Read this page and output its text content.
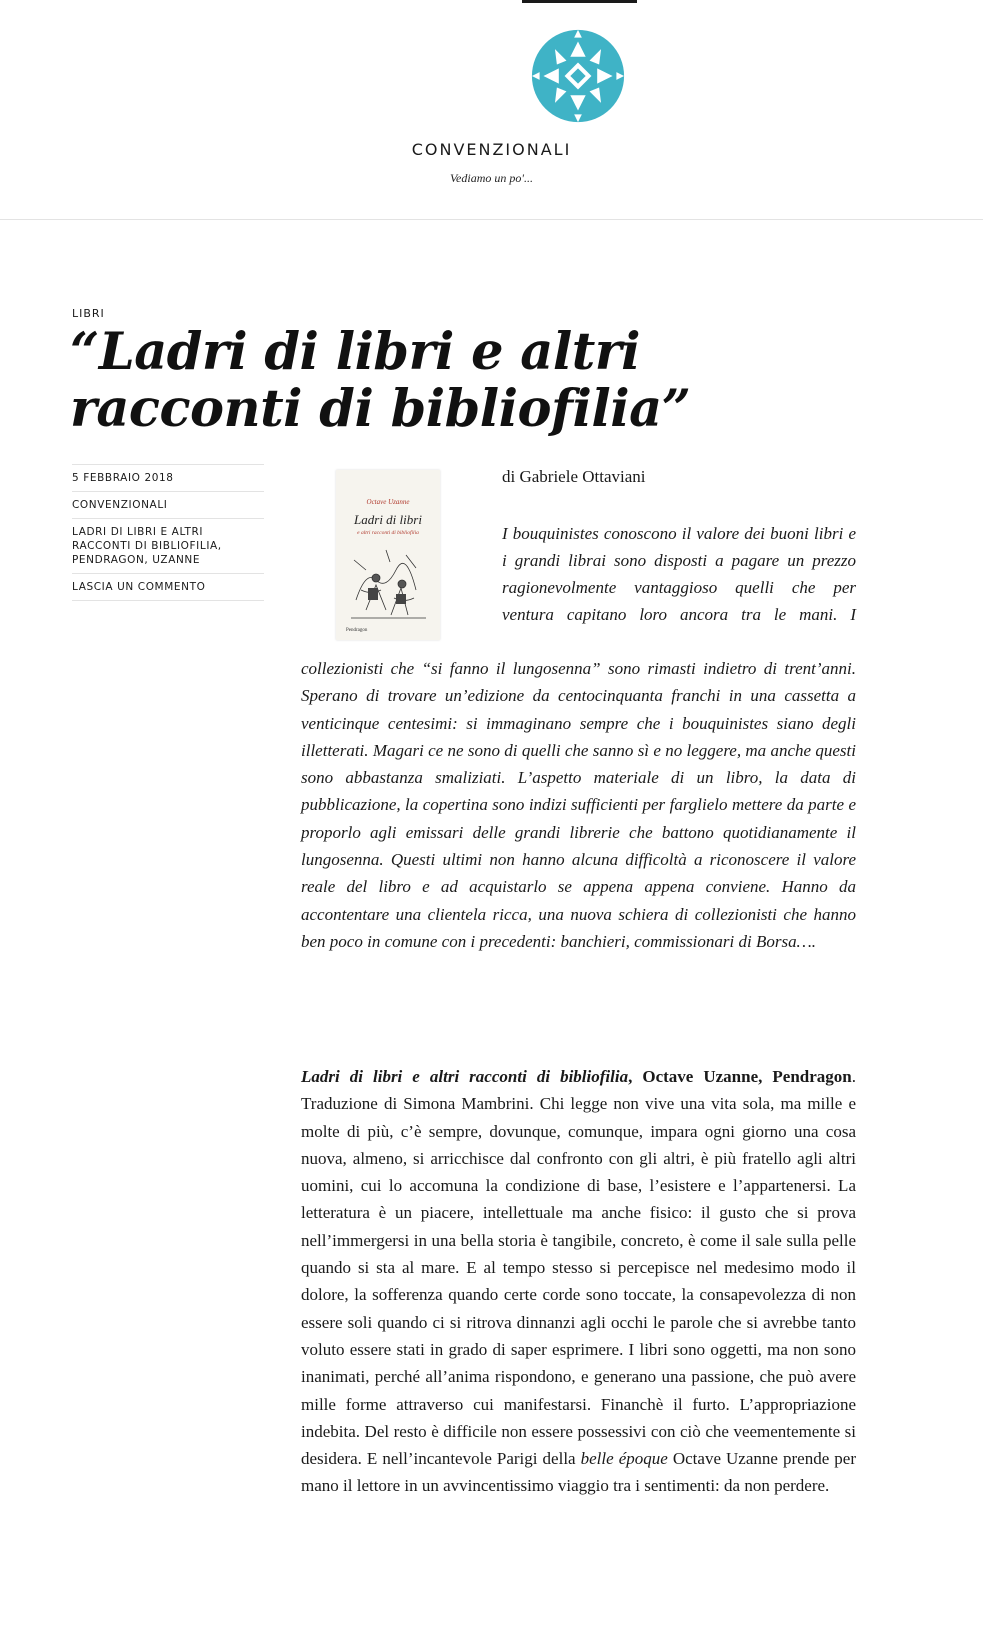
CONVENZIONALI
Vediamo un po'...
LIBRI
“Ladri di libri e altri racconti di bibliofilia”
5 FEBBRAIO 2018
CONVENZIONALI
LADRI DI LIBRI E ALTRI RACCONTI DI BIBLIOFILIA, PENDRAGON, UZANNE
LASCIA UN COMMENTO
Octave Uzanne
Ladri di libri
e altri racconti di bibliofilia
Pendragon
di Gabriele Ottaviani

I bouquinistes conoscono il valore dei buoni libri e i grandi librai sono disposti a pagare un prezzo ragionevolmente vantaggioso quelli che per ventura capitano loro ancora tra le mani. I

collezionisti che “si fanno il lungosenna” sono rimasti indietro di trent’anni. Sperano di trovare un’edizione da centocinquanta franchi in una cassetta a venticinque centesimi: si immaginano sempre che i bouquinistes siano degli illetterati. Magari ce ne sono di quelli che sanno sì e no leggere, ma anche questi sono abbastanza smaliziati. L’aspetto materiale di un libro, la data di pubblicazione, la copertina sono indizi sufficienti per farglielo mettere da parte e proporlo agli emissari delle grandi librerie che battono quotidianamente il lungosenna. Questi ultimi non hanno alcuna difficoltà a riconoscere il valore reale del libro e ad acquistarlo se appena appena conviene. Hanno da accontentare una clientela ricca, una nuova schiera di collezionisti che hanno ben poco in comune con i precedenti: banchieri, commissionari di Borsa….

Ladri di libri e altri racconti di bibliofilia, Octave Uzanne, Pendragon. Traduzione di Simona Mambrini. Chi legge non vive una vita sola, ma mille e molte di più, c’è sempre, dovunque, comunque, impara ogni giorno una cosa nuova, almeno, si arricchisce dal confronto con gli altri, è più fratello agli altri uomini, cui lo accomuna la condizione di base, l’esistere e l’appartenersi. La letteratura è un piacere, intellettuale ma anche fisico: il gusto che si prova nell’immergersi in una bella storia è tangibile, concreto, è come il sale sulla pelle quando si sta al mare. E al tempo stesso si percepisce nel medesimo modo il dolore, la sofferenza quando certe corde sono toccate, la consapevolezza di non essere soli quando ci si ritrova dinnanzi agli occhi le parole che si avrebbe tanto voluto essere stati in grado di saper esprimere. I libri sono oggetti, ma non sono inanimati, perché all’anima rispondono, e generano una passione, che può avere mille forme attraverso cui manifestarsi. Financhè il furto. L’appropriazione indebita. Del resto è difficile non essere possessivi con ciò che veementemente si desidera. E nell’incantevole Parigi della belle époque Octave Uzanne prende per mano il lettore in un avvincentissimo viaggio tra i sentimenti: da non perdere.
